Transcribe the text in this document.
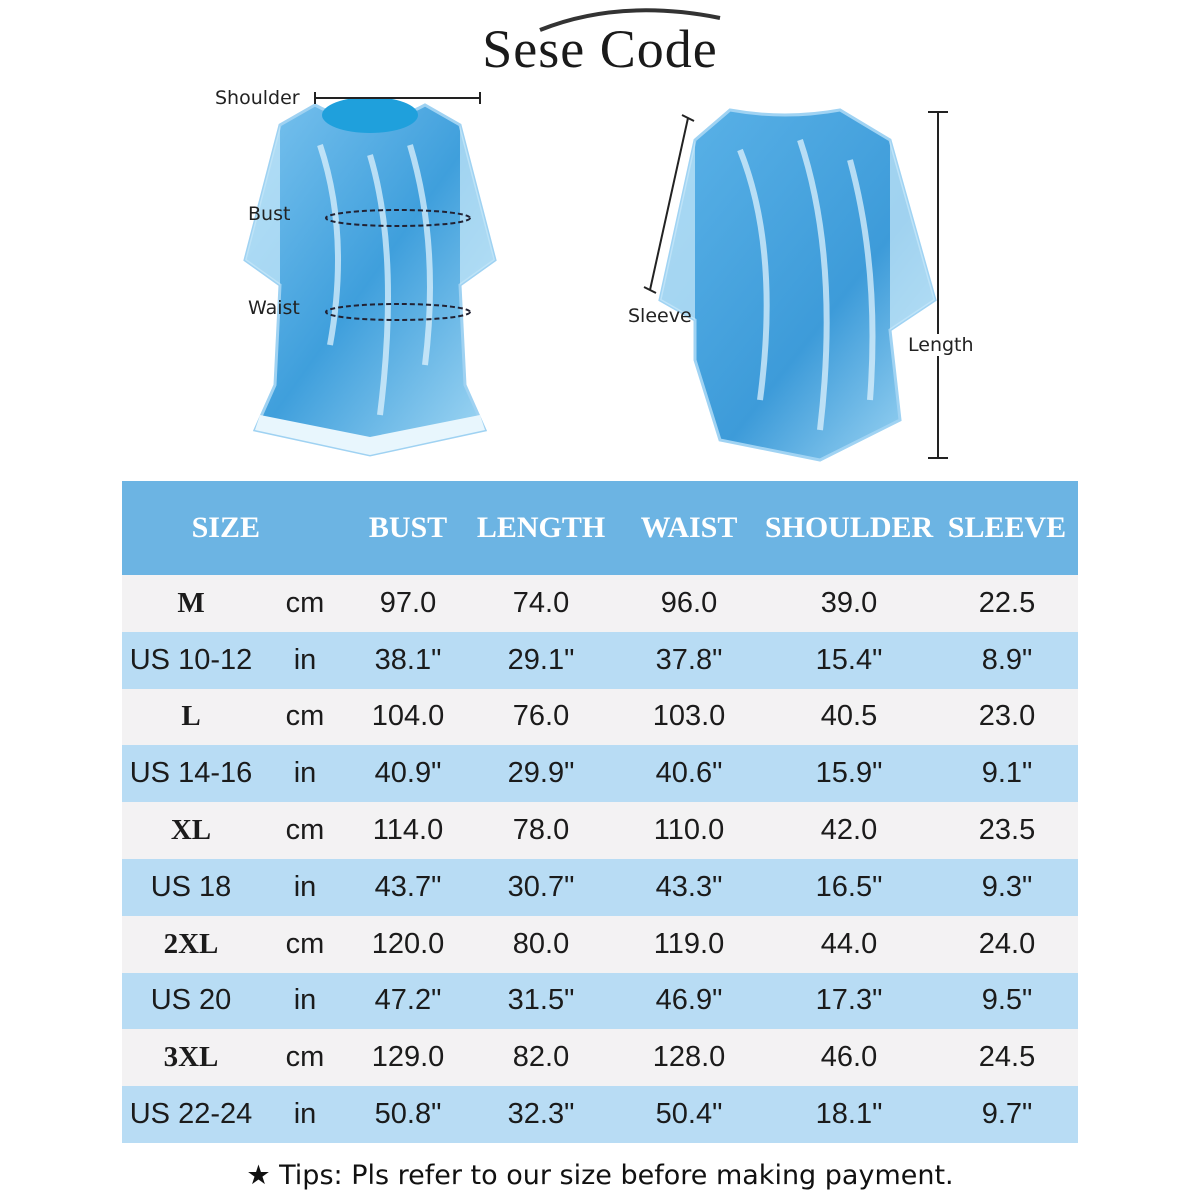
Sese Code
Shoulder
Bust
Waist	Sleeve
Length
SIZE		BUST	LENGTH	WAIST	SHOULDER	SLEEVE
M	cm	97.0	74.0	96.0	39.0	22.5
US 10-12	in	38.1"	29.1"	37.8"	15.4"	8.9"
L	cm	104.0	76.0	103.0	40.5	23.0
US 14-16	in	40.9"	29.9"	40.6"	15.9"	9.1"
XL	cm	114.0	78.0	110.0	42.0	23.5
US 18	in	43.7"	30.7"	43.3"	16.5"	9.3"
2XL	cm	120.0	80.0	119.0	44.0	24.0
US 20	in	47.2"	31.5"	46.9"	17.3"	9.5"
3XL	cm	129.0	82.0	128.0	46.0	24.5
US 22-24	in	50.8"	32.3"	50.4"	18.1"	9.7"
★ Tips: Pls refer to our size before making payment.
